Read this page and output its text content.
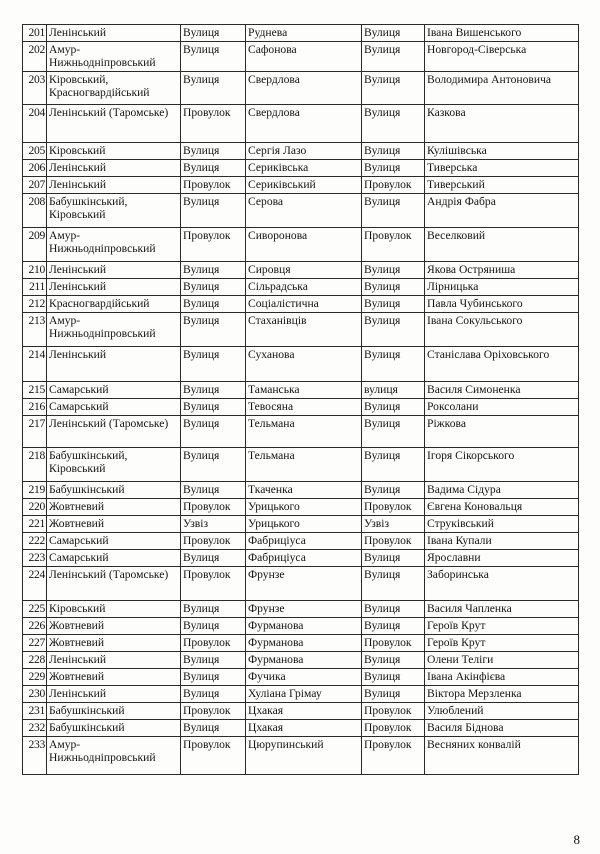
201	Ленінський	Вулиця	Руднева	Вулиця	Івана Вишенського
202	Амур-Нижньодніпровський	Вулиця	Сафонова	Вулиця	Новгород-Сіверська
203	Кіровський, Красногвардійський	Вулиця	Свердлова	Вулиця	Володимира Антоновича
204	Ленінський (Таромське)	Провулок	Свердлова	Вулиця	Казкова
205	Кіровський	Вулиця	Сергія Лазо	Вулиця	Кулішівська
206	Ленінський	Вулиця	Сериківська	Вулиця	Тиверська
207	Ленінський	Провулок	Сериківський	Провулок	Тиверський
208	Бабушкінський, Кіровський	Вулиця	Серова	Вулиця	Андрія Фабра
209	Амур-Нижньодніпровський	Провулок	Сиворонова	Провулок	Веселковий
210	Ленінський	Вулиця	Сировця	Вулиця	Якова Остряниша
211	Ленінський	Вулиця	Сільрадська	Вулиця	Лірницька
212	Красногвардійський	Вулиця	Соціалістична	Вулиця	Павла Чубинського
213	Амур-Нижньодніпровський	Вулиця	Стаханівців	Вулиця	Івана Сокульського
214	Ленінський	Вулиця	Суханова	Вулиця	Станіслава Оріховського
215	Самарський	Вулиця	Таманська	вулиця	Василя Симоненка
216	Самарський	Вулиця	Тевосяна	Вулиця	Роксолани
217	Ленінський (Таромське)	Вулиця	Тельмана	Вулиця	Ріжкова
218	Бабушкінський, Кіровський	Вулиця	Тельмана	Вулиця	Ігоря Сікорського
219	Бабушкінський	Вулиця	Ткаченка	Вулиця	Вадима Сідура
220	Жовтневий	Провулок	Урицького	Провулок	Євгена Коновальця
221	Жовтневий	Узвіз	Урицького	Узвіз	Струківський
222	Самарський	Провулок	Фабриціуса	Провулок	Івана Купали
223	Самарський	Вулиця	Фабриціуса	Вулиця	Ярославни
224	Ленінський (Таромське)	Провулок	Фрунзе	Вулиця	Заборинська
225	Кіровський	Вулиця	Фрунзе	Вулиця	Василя Чапленка
226	Жовтневий	Вулиця	Фурманова	Вулиця	Героїв Крут
227	Жовтневий	Провулок	Фурманова	Провулок	Героїв Крут
228	Ленінський	Вулиця	Фурманова	Вулиця	Олени Теліги
229	Жовтневий	Вулиця	Фучика	Вулиця	Івана Акінфієва
230	Ленінський	Вулиця	Хуліана Грімау	Вулиця	Віктора Мерзленка
231	Бабушкінський	Провулок	Цхакая	Провулок	Улюблений
232	Бабушкінський	Вулиця	Цхакая	Провулок	Василя Біднова
233	Амур-Нижньодніпровський	Провулок	Цюрупинський	Провулок	Весняних конвалій
8
